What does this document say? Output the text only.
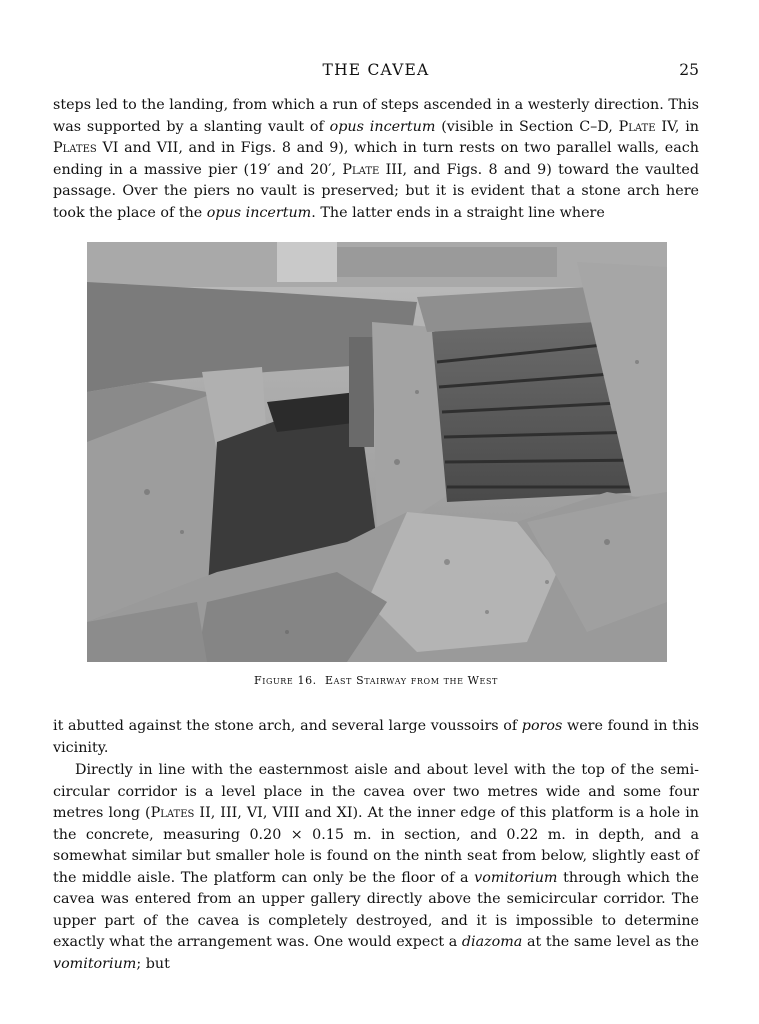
THE CAVEA	25

steps led to the landing, from which a run of steps ascended in a westerly direction. This was supported by a slanting vault of opus incertum (visible in Section C–D, Plate IV, in Plates VI and VII, and in Figs. 8 and 9), which in turn rests on two parallel walls, each ending in a massive pier (19′ and 20′, Plate III, and Figs. 8 and 9) toward the vaulted passage. Over the piers no vault is preserved; but it is evident that a stone arch here took the place of the opus incertum. The latter ends in a straight line where

Figure 16. East Stairway from the West

it abutted against the stone arch, and several large voussoirs of poros were found in this vicinity.

Directly in line with the easternmost aisle and about level with the top of the semi-circular corridor is a level place in the cavea over two metres wide and some four metres long (Plates II, III, VI, VIII and XI). At the inner edge of this platform is a hole in the concrete, measuring 0.20 × 0.15 m. in section, and 0.22 m. in depth, and a somewhat similar but smaller hole is found on the ninth seat from below, slightly east of the middle aisle. The platform can only be the floor of a vomitorium through which the cavea was entered from an upper gallery directly above the semicircular corridor. The upper part of the cavea is completely destroyed, and it is impossible to determine exactly what the arrangement was. One would expect a diazoma at the same level as the vomitorium; but
